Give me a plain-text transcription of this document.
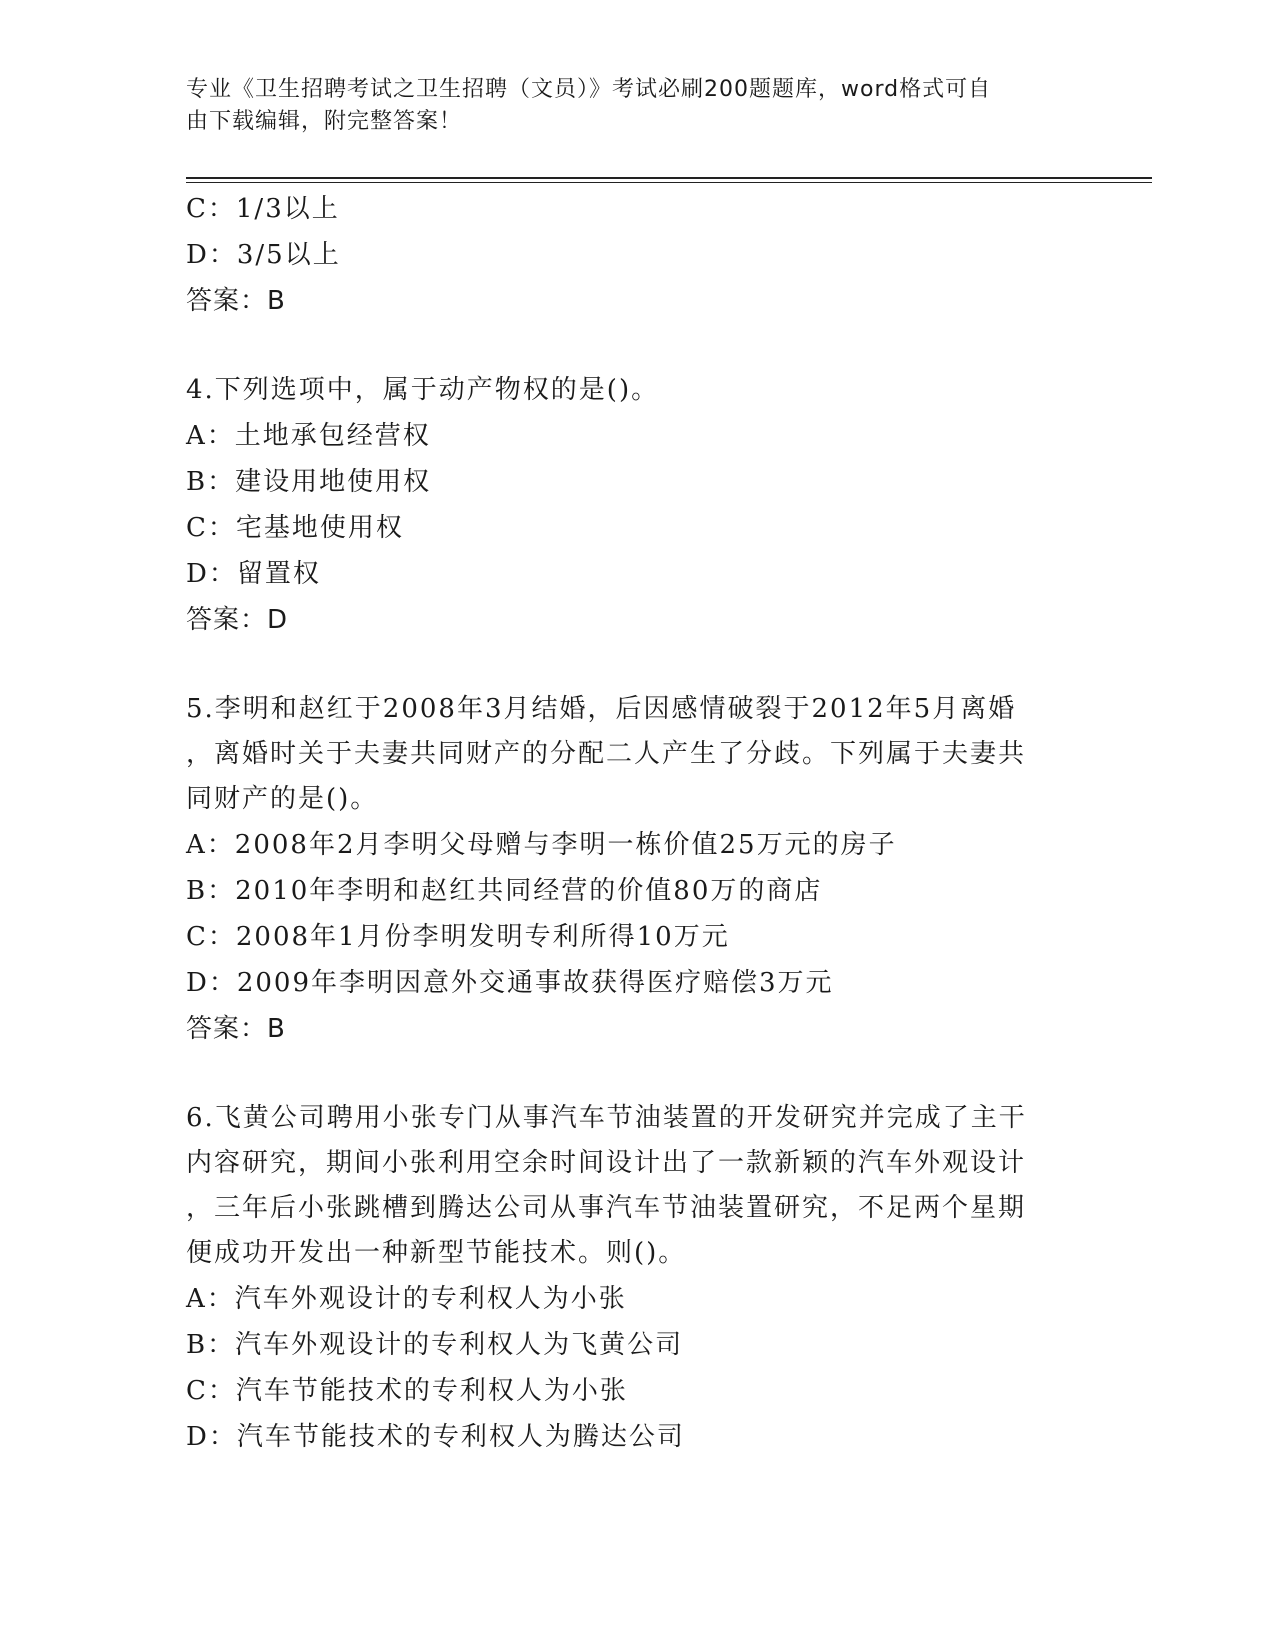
专业《卫生招聘考试之卫生招聘（文员）》考试必刷200题题库，word格式可自
由下载编辑，附完整答案！
C：1/3以上
D：3/5以上
答案：B
4.下列选项中，属于动产物权的是()。
A：土地承包经营权
B：建设用地使用权
C：宅基地使用权
D：留置权
答案：D
5.李明和赵红于2008年3月结婚，后因感情破裂于2012年5月离婚
，离婚时关于夫妻共同财产的分配二人产生了分歧。下列属于夫妻共
同财产的是()。
A：2008年2月李明父母赠与李明一栋价值25万元的房子
B：2010年李明和赵红共同经营的价值80万的商店
C：2008年1月份李明发明专利所得10万元
D：2009年李明因意外交通事故获得医疗赔偿3万元
答案：B
6.飞黄公司聘用小张专门从事汽车节油装置的开发研究并完成了主干
内容研究，期间小张利用空余时间设计出了一款新颖的汽车外观设计
，三年后小张跳槽到腾达公司从事汽车节油装置研究，不足两个星期
便成功开发出一种新型节能技术。则()。
A：汽车外观设计的专利权人为小张
B：汽车外观设计的专利权人为飞黄公司
C：汽车节能技术的专利权人为小张
D：汽车节能技术的专利权人为腾达公司
